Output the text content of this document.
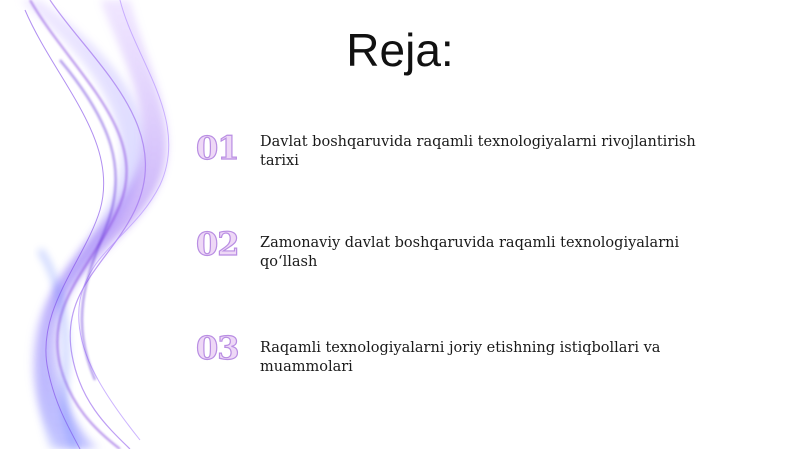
Reja:
01	Davlat boshqaruvida raqamli texnologiyalarni rivojlantirish tarixi
02	Zamonaviy davlat boshqaruvida raqamli texnologiyalarni qo‘llash
03	Raqamli texnologiyalarni joriy etishning istiqbollari va muammolari
